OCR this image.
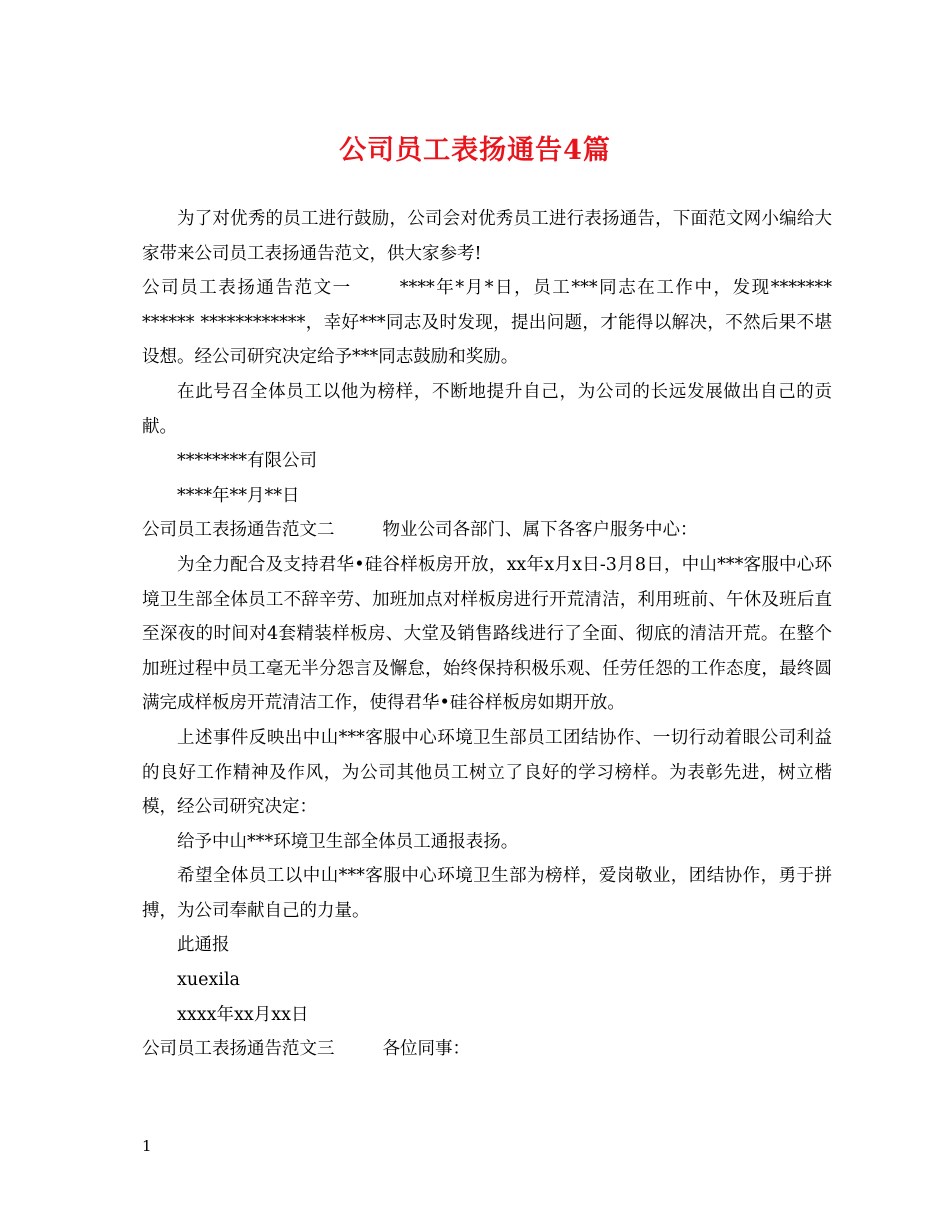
公司员工表扬通告4篇

为了对优秀的员工进行鼓励，公司会对优秀员工进行表扬通告，下面范文网小编给大家带来公司员工表扬通告范文，供大家参考!

公司员工表扬通告范文一	****年*月*日，员工***同志在工作中，发现******* ****** ************，幸好***同志及时发现，提出问题，才能得以解决，不然后果不堪设想。经公司研究决定给予***同志鼓励和奖励。

在此号召全体员工以他为榜样，不断地提升自己，为公司的长远发展做出自己的贡献。

********有限公司

****年**月**日

公司员工表扬通告范文二	物业公司各部门、属下各客户服务中心：

为全力配合及支持君华•硅谷样板房开放，xx年x月x日-3月8日，中山***客服中心环境卫生部全体员工不辞辛劳、加班加点对样板房进行开荒清洁，利用班前、午休及班后直至深夜的时间对4套精装样板房、大堂及销售路线进行了全面、彻底的清洁开荒。在整个加班过程中员工毫无半分怨言及懈怠，始终保持积极乐观、任劳任怨的工作态度，最终圆满完成样板房开荒清洁工作，使得君华•硅谷样板房如期开放。

上述事件反映出中山***客服中心环境卫生部员工团结协作、一切行动着眼公司利益的良好工作精神及作风，为公司其他员工树立了良好的学习榜样。为表彰先进，树立楷模，经公司研究决定：

给予中山***环境卫生部全体员工通报表扬。

希望全体员工以中山***客服中心环境卫生部为榜样，爱岗敬业，团结协作，勇于拼搏，为公司奉献自己的力量。

此通报

xuexila

xxxx年xx月xx日

公司员工表扬通告范文三	各位同事：

1
